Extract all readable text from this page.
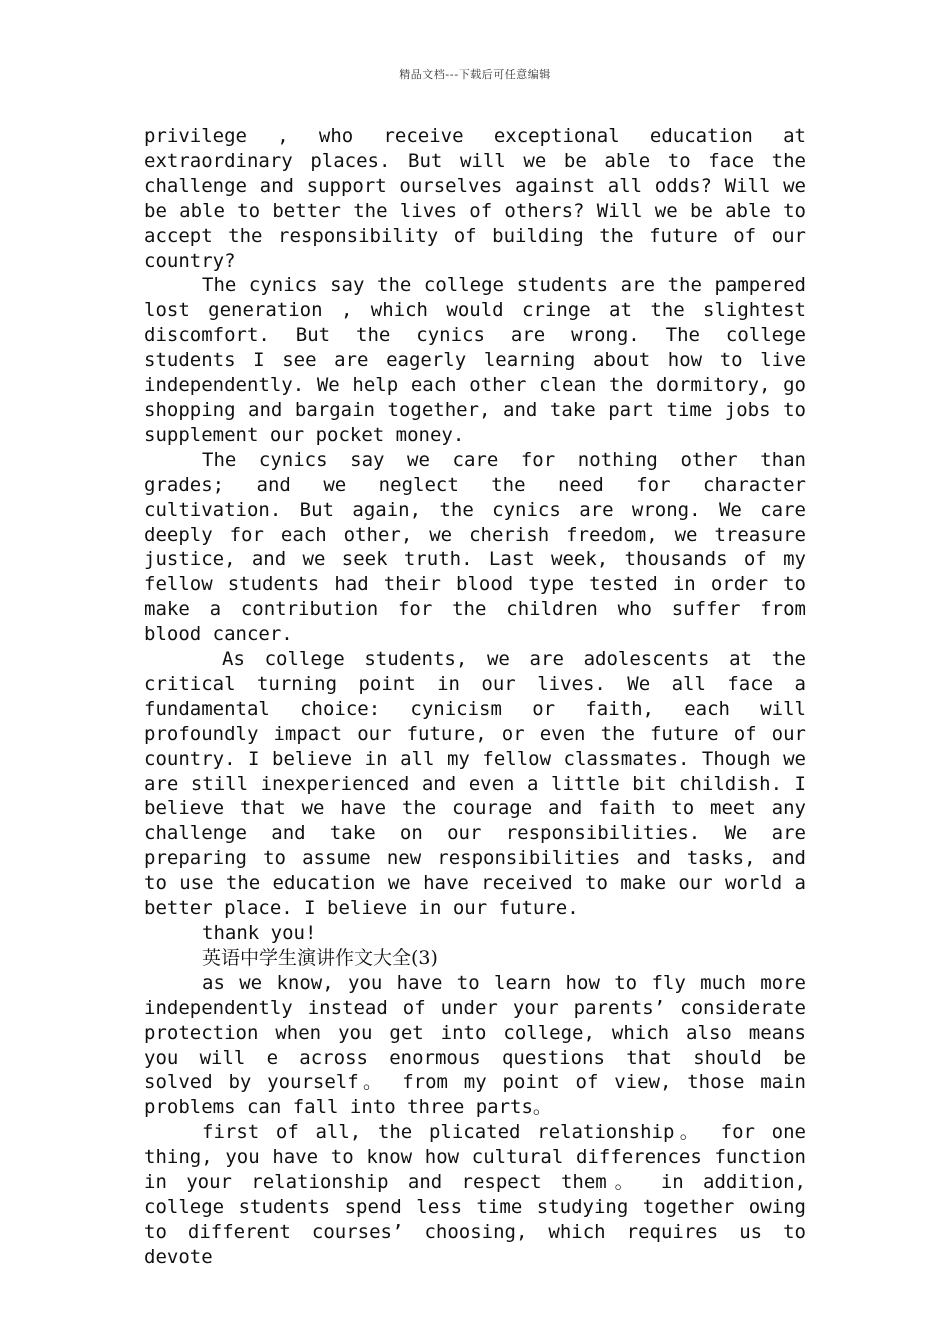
精品文档---下载后可任意编辑

privilege , who receive exceptional education at extraordinary places. But will we be able to face the challenge and support ourselves against all odds? Will we be able to better the lives of others? Will we be able to accept the responsibility of building the future of our country?

The cynics say the college students are the pampered lost generation , which would cringe at the slightest discomfort. But the cynics are wrong. The college students I see are eagerly learning about how to live independently. We help each other clean the dormitory, go shopping and bargain together, and take part time jobs to supplement our pocket money.

The cynics say we care for nothing other than grades; and we neglect the need for character cultivation. But again, the cynics are wrong. We care deeply for each other, we cherish freedom, we treasure justice, and we seek truth. Last week, thousands of my fellow students had their blood type tested in order to make a contribution for the children who suffer from blood cancer.

As college students, we are adolescents at the critical turning point in our lives. We all face a fundamental choice: cynicism or faith, each will profoundly impact our future, or even the future of our country. I believe in all my fellow classmates. Though we are still inexperienced and even a little bit childish. I believe that we have the courage and faith to meet any challenge and take on our responsibilities. We are preparing to assume new responsibilities and tasks, and to use the education we have received to make our world a better place. I believe in our future.

thank you!

英语中学生演讲作文大全(3)

as we know, you have to learn how to fly much more independently instead of under your parents’ considerate protection when you get into college, which also means you will e across enormous questions that should be solved by yourself。 from my point of view, those main problems can fall into three parts。

first of all, the plicated relationship。 for one thing, you have to know how cultural differences function in your relationship and respect them。 in addition, college students spend less time studying together owing to different courses’ choosing, which requires us to devote
